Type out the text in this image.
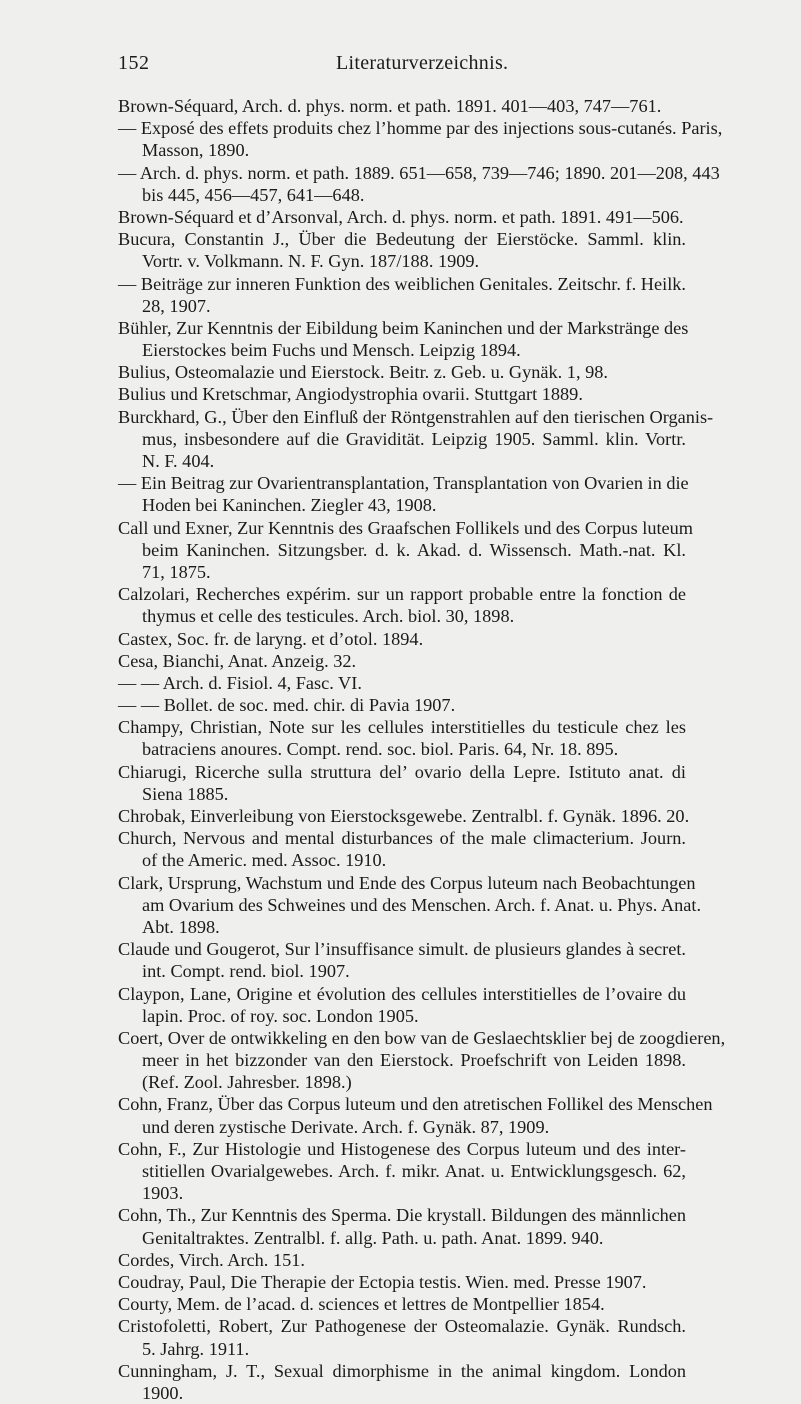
152	Literaturverzeichnis.
Brown-Séquard, Arch. d. phys. norm. et path. 1891. 401—403, 747—761.
— Exposé des effets produits chez l’homme par des injections sous-cutanés. Paris,
Masson, 1890.
— Arch. d. phys. norm. et path. 1889. 651—658, 739—746; 1890. 201—208, 443
bis 445, 456—457, 641—648.
Brown-Séquard et d’Arsonval, Arch. d. phys. norm. et path. 1891. 491—506.
Bucura, Constantin J., Über die Bedeutung der Eierstöcke. Samml. klin.
Vortr. v. Volkmann. N. F. Gyn. 187/188. 1909.
— Beiträge zur inneren Funktion des weiblichen Genitales. Zeitschr. f. Heilk.
28, 1907.
Bühler, Zur Kenntnis der Eibildung beim Kaninchen und der Markstränge des
Eierstockes beim Fuchs und Mensch. Leipzig 1894.
Bulius, Osteomalazie und Eierstock. Beitr. z. Geb. u. Gynäk. 1, 98.
Bulius und Kretschmar, Angiodystrophia ovarii. Stuttgart 1889.
Burckhard, G., Über den Einfluß der Röntgenstrahlen auf den tierischen Organis-
mus, insbesondere auf die Gravidität. Leipzig 1905. Samml. klin. Vortr.
N. F. 404.
— Ein Beitrag zur Ovarientransplantation, Transplantation von Ovarien in die
Hoden bei Kaninchen. Ziegler 43, 1908.
Call und Exner, Zur Kenntnis des Graafschen Follikels und des Corpus luteum
beim Kaninchen. Sitzungsber. d. k. Akad. d. Wissensch. Math.-nat. Kl.
71, 1875.
Calzolari, Recherches expérim. sur un rapport probable entre la fonction de
thymus et celle des testicules. Arch. biol. 30, 1898.
Castex, Soc. fr. de laryng. et d’otol. 1894.
Cesa, Bianchi, Anat. Anzeig. 32.
— — Arch. d. Fisiol. 4, Fasc. VI.
— — Bollet. de soc. med. chir. di Pavia 1907.
Champy, Christian, Note sur les cellules interstitielles du testicule chez les
batraciens anoures. Compt. rend. soc. biol. Paris. 64, Nr. 18. 895.
Chiarugi, Ricerche sulla struttura del’ ovario della Lepre. Istituto anat. di
Siena 1885.
Chrobak, Einverleibung von Eierstocksgewebe. Zentralbl. f. Gynäk. 1896. 20.
Church, Nervous and mental disturbances of the male climacterium. Journ.
of the Americ. med. Assoc. 1910.
Clark, Ursprung, Wachstum und Ende des Corpus luteum nach Beobachtungen
am Ovarium des Schweines und des Menschen. Arch. f. Anat. u. Phys. Anat.
Abt. 1898.
Claude und Gougerot, Sur l’insuffisance simult. de plusieurs glandes à secret.
int. Compt. rend. biol. 1907.
Claypon, Lane, Origine et évolution des cellules interstitielles de l’ovaire du
lapin. Proc. of roy. soc. London 1905.
Coert, Over de ontwikkeling en den bow van de Geslaechtsklier bej de zoogdieren,
meer in het bizzonder van den Eierstock. Proefschrift von Leiden 1898.
(Ref. Zool. Jahresber. 1898.)
Cohn, Franz, Über das Corpus luteum und den atretischen Follikel des Menschen
und deren zystische Derivate. Arch. f. Gynäk. 87, 1909.
Cohn, F., Zur Histologie und Histogenese des Corpus luteum und des inter-
stitiellen Ovarialgewebes. Arch. f. mikr. Anat. u. Entwicklungsgesch. 62,
1903.
Cohn, Th., Zur Kenntnis des Sperma. Die krystall. Bildungen des männlichen
Genitaltraktes. Zentralbl. f. allg. Path. u. path. Anat. 1899. 940.
Cordes, Virch. Arch. 151.
Coudray, Paul, Die Therapie der Ectopia testis. Wien. med. Presse 1907.
Courty, Mem. de l’acad. d. sciences et lettres de Montpellier 1854.
Cristofoletti, Robert, Zur Pathogenese der Osteomalazie. Gynäk. Rundsch.
5. Jahrg. 1911.
Cunningham, J. T., Sexual dimorphisme in the animal kingdom. London
1900.
